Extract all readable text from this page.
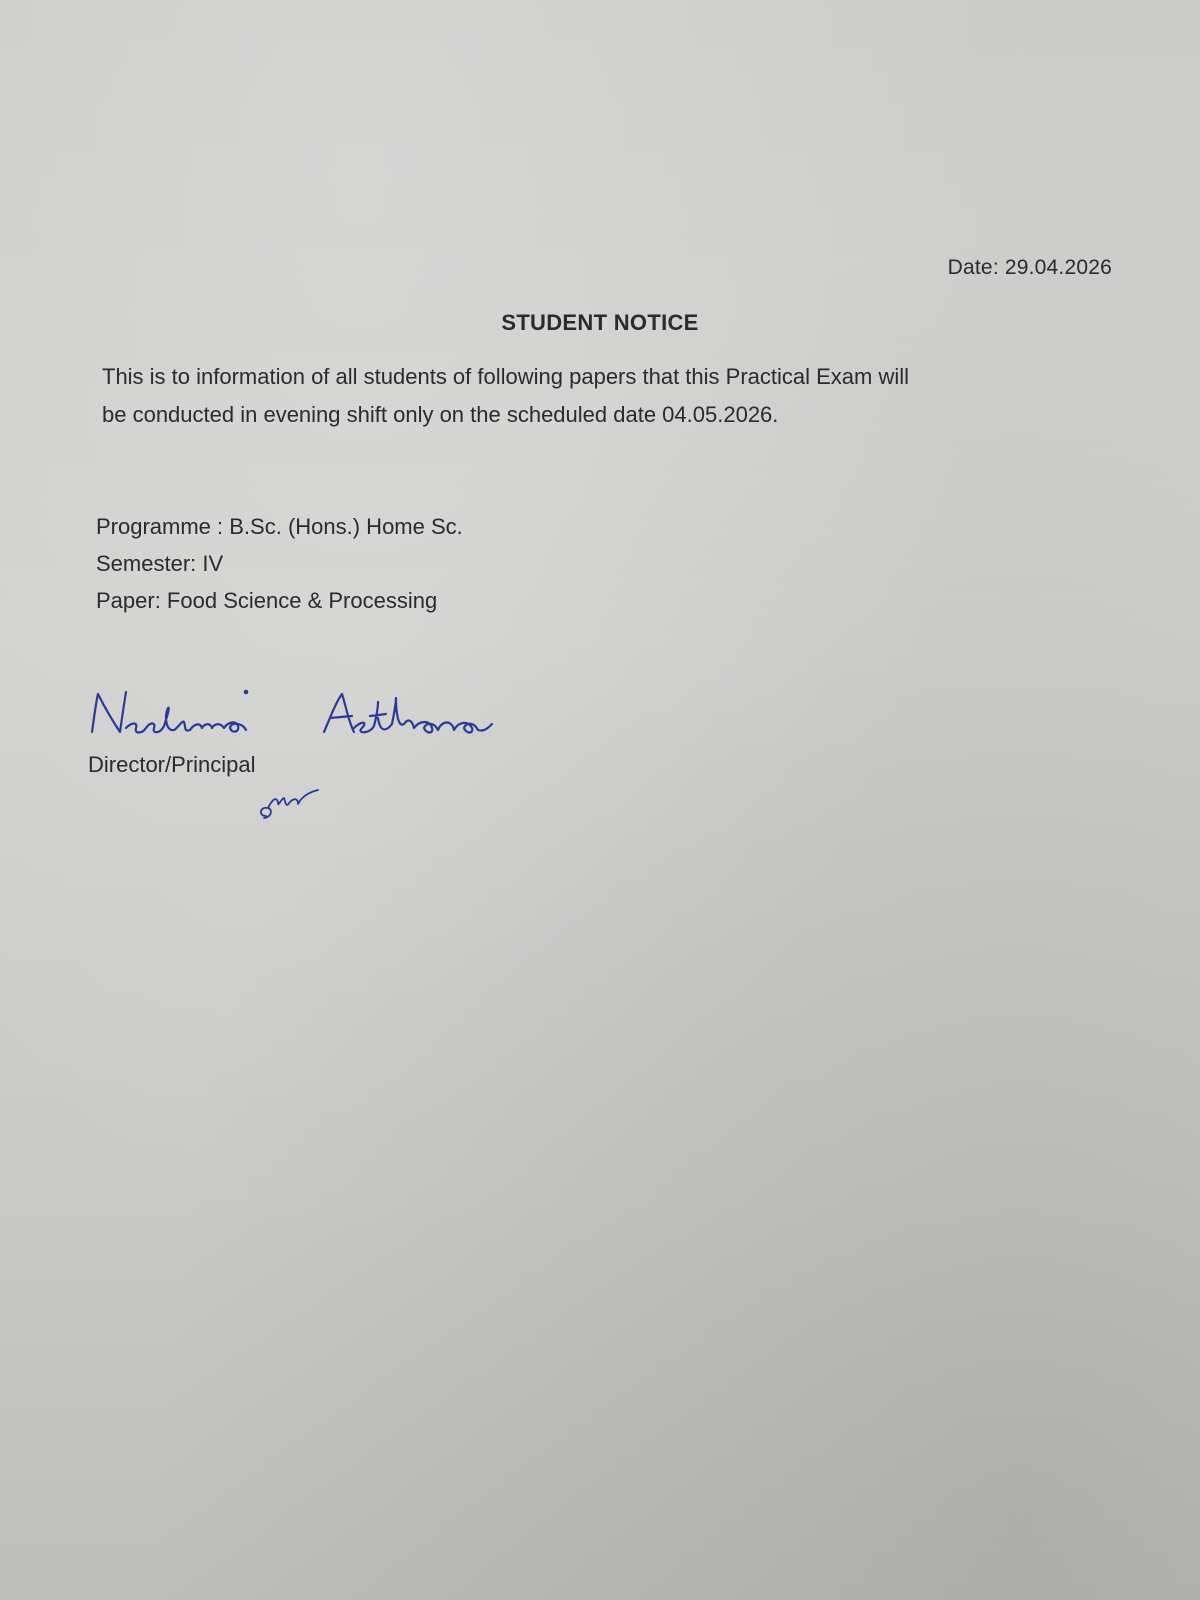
Date: 29.04.2026
STUDENT NOTICE

This is to information of all students of following papers that this Practical Exam will

be conducted in evening shift only on the scheduled date 04.05.2026.

Programme : B.Sc. (Hons.) Home Sc.
Semester: IV
Paper: Food Science & Processing
Director/Principal
